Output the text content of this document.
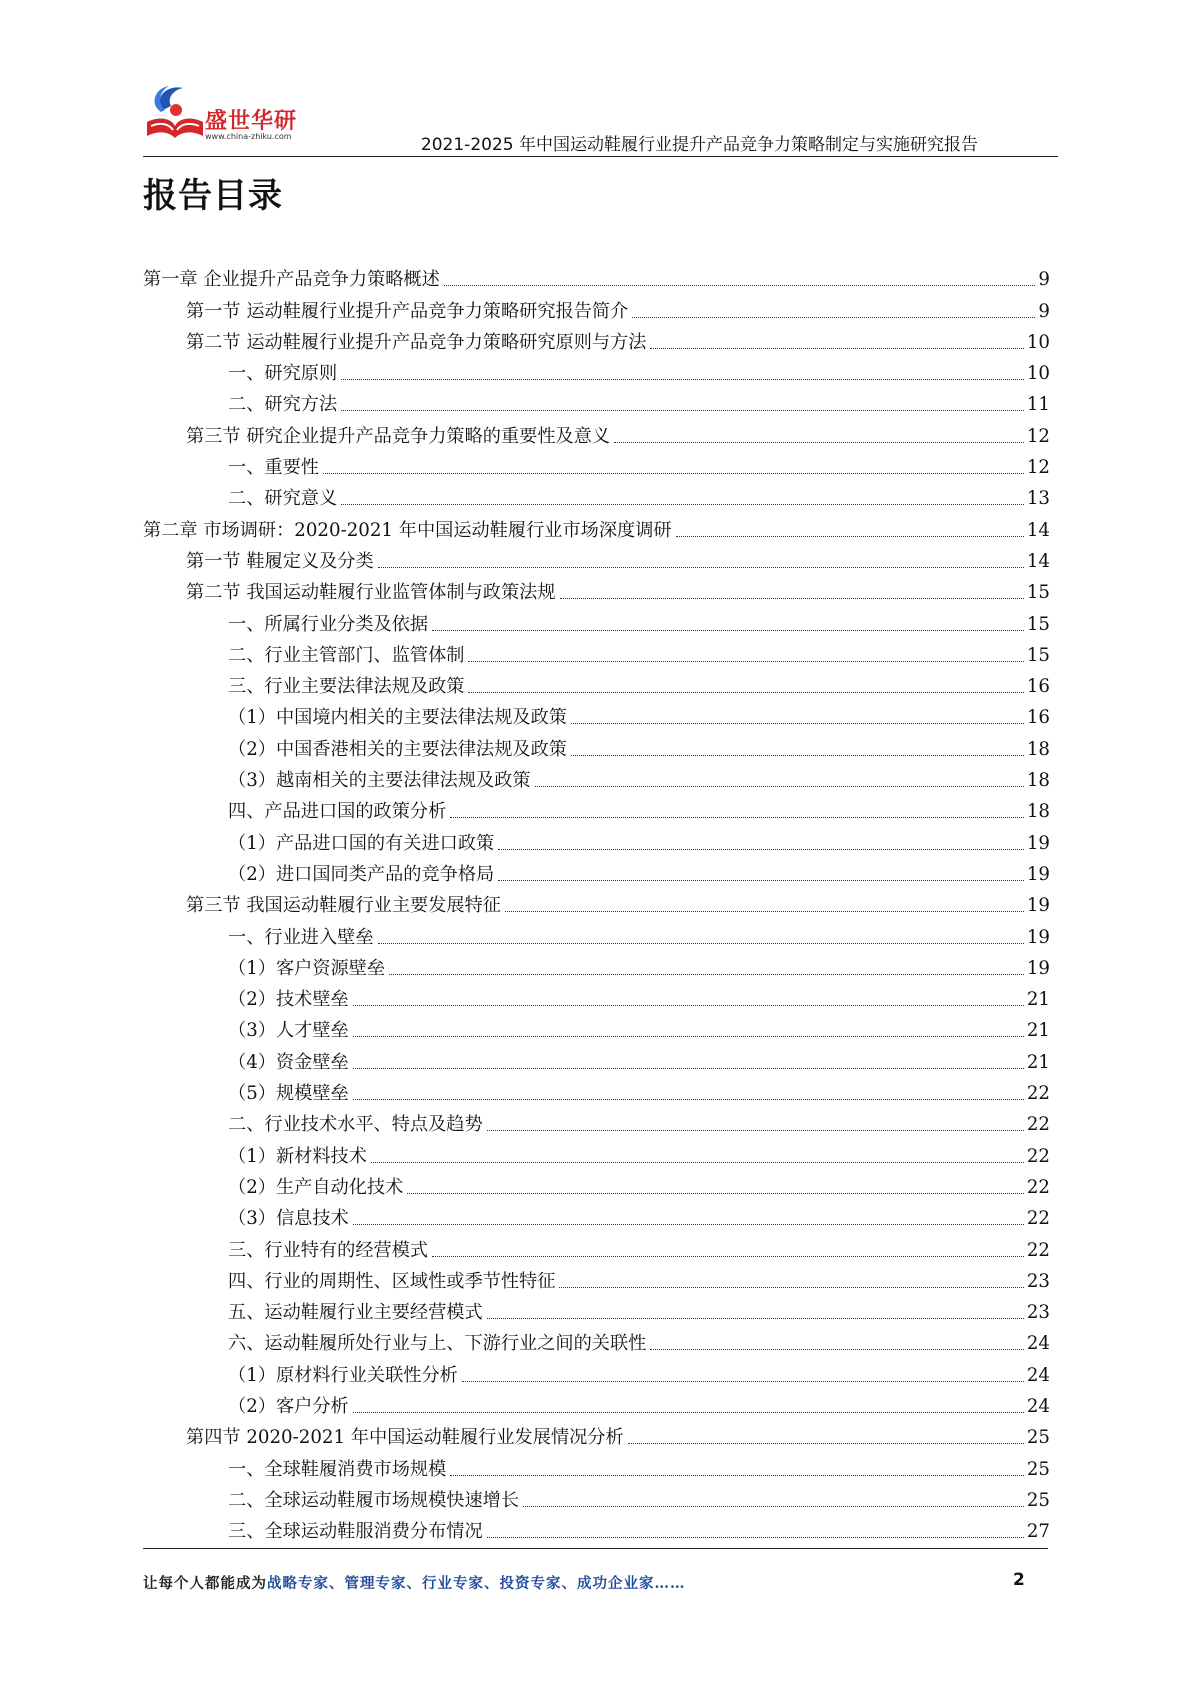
盛世华研
www.china-zhiku.com	2021-2025 年中国运动鞋履行业提升产品竞争力策略制定与实施研究报告
报告目录
第一章 企业提升产品竞争力策略概述	9
第一节 运动鞋履行业提升产品竞争力策略研究报告简介	9
第二节 运动鞋履行业提升产品竞争力策略研究原则与方法	10
一、研究原则	10
二、研究方法	11
第三节 研究企业提升产品竞争力策略的重要性及意义	12
一、重要性	12
二、研究意义	13
第二章 市场调研：2020-2021 年中国运动鞋履行业市场深度调研	14
第一节 鞋履定义及分类	14
第二节 我国运动鞋履行业监管体制与政策法规	15
一、所属行业分类及依据	15
二、行业主管部门、监管体制	15
三、行业主要法律法规及政策	16
（1）中国境内相关的主要法律法规及政策	16
（2）中国香港相关的主要法律法规及政策	18
（3）越南相关的主要法律法规及政策	18
四、产品进口国的政策分析	18
（1）产品进口国的有关进口政策	19
（2）进口国同类产品的竞争格局	19
第三节 我国运动鞋履行业主要发展特征	19
一、行业进入壁垒	19
（1）客户资源壁垒	19
（2）技术壁垒	21
（3）人才壁垒	21
（4）资金壁垒	21
（5）规模壁垒	22
二、行业技术水平、特点及趋势	22
（1）新材料技术	22
（2）生产自动化技术	22
（3）信息技术	22
三、行业特有的经营模式	22
四、行业的周期性、区域性或季节性特征	23
五、运动鞋履行业主要经营模式	23
六、运动鞋履所处行业与上、下游行业之间的关联性	24
（1）原材料行业关联性分析	24
（2）客户分析	24
第四节 2020-2021 年中国运动鞋履行业发展情况分析	25
一、全球鞋履消费市场规模	25
二、全球运动鞋履市场规模快速增长	25
三、全球运动鞋服消费分布情况	27
让每个人都能成为战略专家、管理专家、行业专家、投资专家、成功企业家……	2
